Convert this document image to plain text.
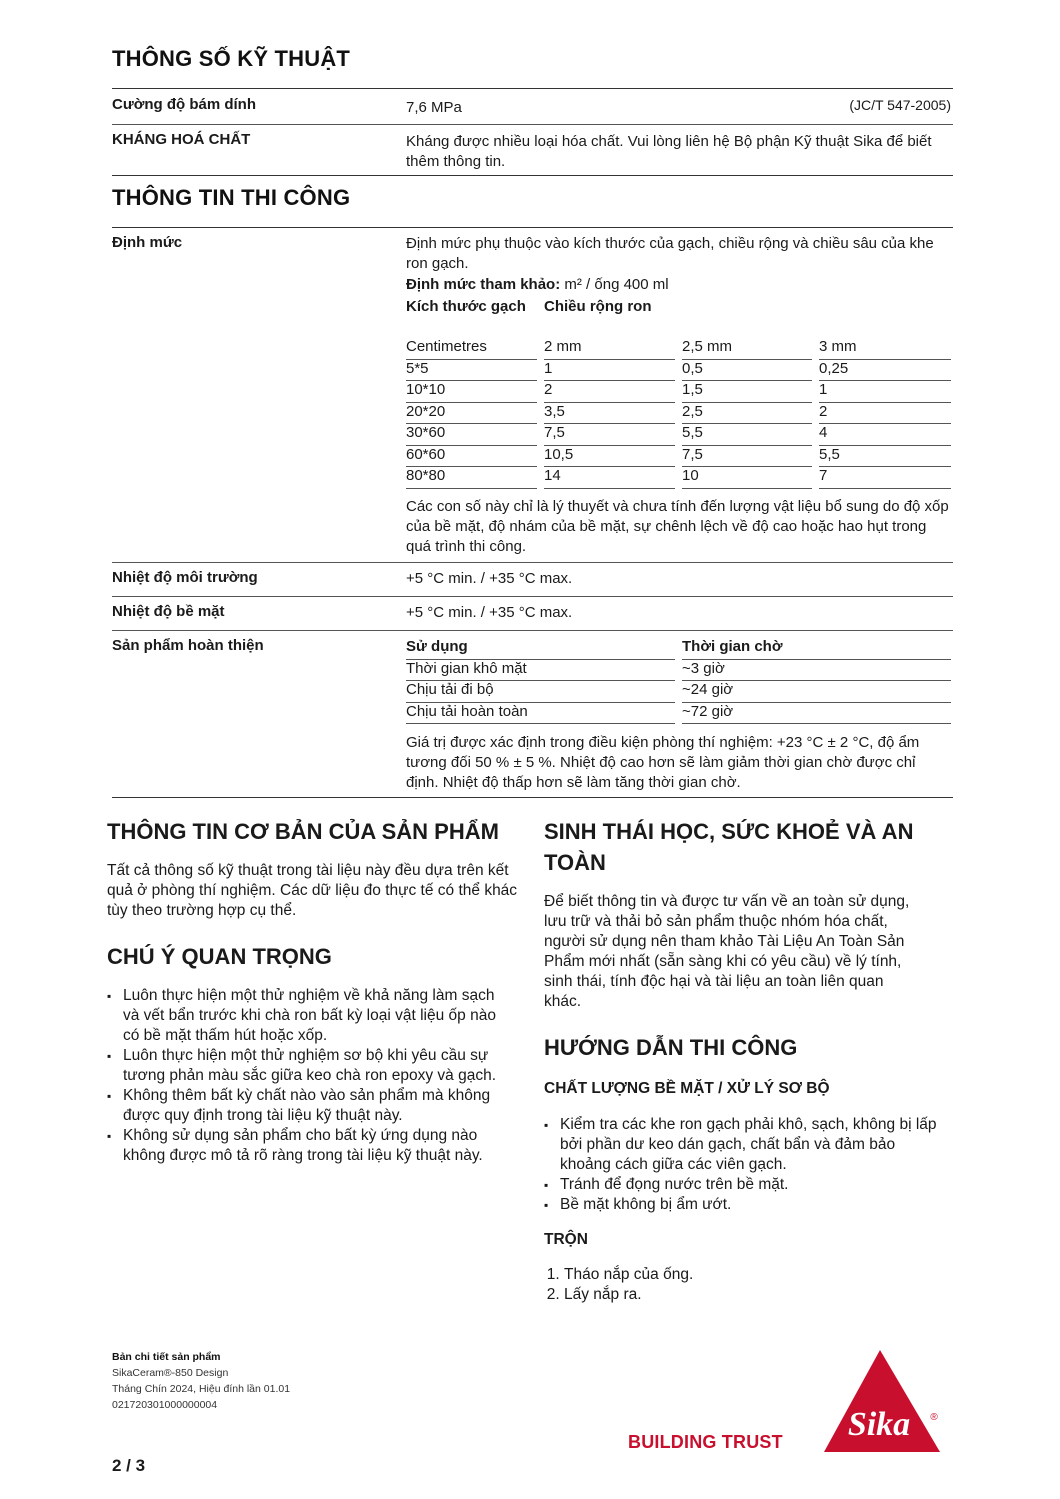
THÔNG SỐ KỸ THUẬT
Cường độ bám dính	7,6 MPa	(JC/T 547-2005)
KHÁNG HOÁ CHẤT	Kháng được nhiều loại hóa chất. Vui lòng liên hệ Bộ phận Kỹ thuật Sika để biết thêm thông tin.
THÔNG TIN THI CÔNG
Định mức	Định mức phụ thuộc vào kích thước của gạch, chiều rộng và chiều sâu của khe ron gạch.
Định mức tham khảo: m² / ống 400 ml
Kích thước gạch Chiều rộng ron
Centimetres	2 mm	2,5 mm	3 mm
5*5	1	0,5	0,25
10*10	2	1,5	1
20*20	3,5	2,5	2
30*60	7,5	5,5	4
60*60	10,5	7,5	5,5
80*80	14	10	7
Các con số này chỉ là lý thuyết và chưa tính đến lượng vật liệu bổ sung do độ xốp của bề mặt, độ nhám của bề mặt, sự chênh lệch về độ cao hoặc hao hụt trong quá trình thi công.
Nhiệt độ môi trường	+5 °C min. / +35 °C max.
Nhiệt độ bề mặt	+5 °C min. / +35 °C max.
Sản phẩm hoàn thiện	Sử dụng	Thời gian chờ
Thời gian khô mặt	~3 giờ
Chịu tải đi bộ	~24 giờ
Chịu tải hoàn toàn	~72 giờ
Giá trị được xác định trong điều kiện phòng thí nghiệm: +23 °C ± 2 °C, độ ẩm tương đối 50 % ± 5 %. Nhiệt độ cao hơn sẽ làm giảm thời gian chờ được chỉ định. Nhiệt độ thấp hơn sẽ làm tăng thời gian chờ.
THÔNG TIN CƠ BẢN CỦA SẢN PHẨM
Tất cả thông số kỹ thuật trong tài liệu này đều dựa trên kết quả ở phòng thí nghiệm. Các dữ liệu đo thực tế có thể khác tùy theo trường hợp cụ thể.
CHÚ Ý QUAN TRỌNG
▪ Luôn thực hiện một thử nghiệm về khả năng làm sạch và vết bẩn trước khi chà ron bất kỳ loại vật liệu ốp nào có bề mặt thấm hút hoặc xốp.
▪ Luôn thực hiện một thử nghiệm sơ bộ khi yêu cầu sự tương phản màu sắc giữa keo chà ron epoxy và gạch.
▪ Không thêm bất kỳ chất nào vào sản phẩm mà không được quy định trong tài liệu kỹ thuật này.
▪ Không sử dụng sản phẩm cho bất kỳ ứng dụng nào không được mô tả rõ ràng trong tài liệu kỹ thuật này.
SINH THÁI HỌC, SỨC KHOẺ VÀ AN TOÀN
Để biết thông tin và được tư vấn về an toàn sử dụng, lưu trữ và thải bỏ sản phẩm thuộc nhóm hóa chất, người sử dụng nên tham khảo Tài Liệu An Toàn Sản Phẩm mới nhất (sẵn sàng khi có yêu cầu) về lý tính, sinh thái, tính độc hại và tài liệu an toàn liên quan khác.
HƯỚNG DẪN THI CÔNG
CHẤT LƯỢNG BỀ MẶT / XỬ LÝ SƠ BỘ
▪ Kiểm tra các khe ron gạch phải khô, sạch, không bị lấp bởi phần dư keo dán gạch, chất bẩn và đảm bảo khoảng cách giữa các viên gạch.
▪ Tránh để đọng nước trên bề mặt.
▪ Bề mặt không bị ẩm ướt.
TRỘN
1. Tháo nắp của ống.
2. Lấy nắp ra.
Bản chi tiết sản phẩm
SikaCeram®-850 Design
Tháng Chín 2024, Hiệu đính lần 01.01
021720301000000004
2 / 3
BUILDING TRUST Sika ®
